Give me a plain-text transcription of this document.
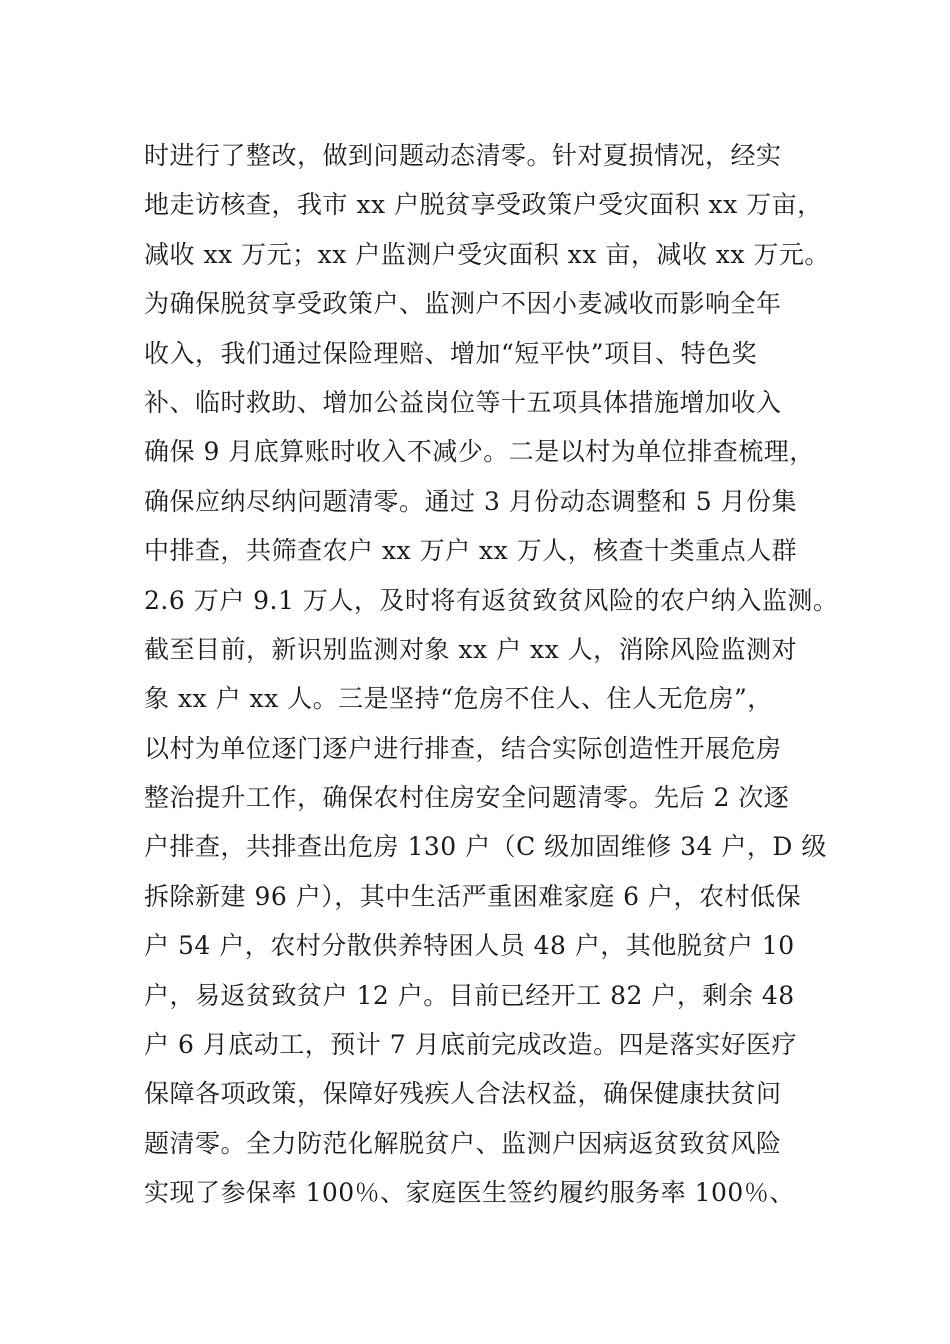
时进行了整改，做到问题动态清零。针对夏损情况，经实
地走访核查，我市 xx 户脱贫享受政策户受灾面积 xx 万亩，
减收 xx 万元；xx 户监测户受灾面积 xx 亩，减收 xx 万元。
为确保脱贫享受政策户、监测户不因小麦减收而影响全年
收入，我们通过保险理赔、增加“短平快”项目、特色奖
补、临时救助、增加公益岗位等十五项具体措施增加收入
确保 9 月底算账时收入不减少。二是以村为单位排查梳理，
确保应纳尽纳问题清零。通过 3 月份动态调整和 5 月份集
中排查，共筛查农户 xx 万户 xx 万人，核查十类重点人群
2.6 万户 9.1 万人，及时将有返贫致贫风险的农户纳入监测。
截至目前，新识别监测对象 xx 户 xx 人，消除风险监测对
象 xx 户 xx 人。三是坚持“危房不住人、住人无危房”，
以村为单位逐门逐户进行排查，结合实际创造性开展危房
整治提升工作，确保农村住房安全问题清零。先后 2 次逐
户排查，共排查出危房 130 户（C 级加固维修 34 户，D 级
拆除新建 96 户），其中生活严重困难家庭 6 户，农村低保
户 54 户，农村分散供养特困人员 48 户，其他脱贫户 10
户，易返贫致贫户 12 户。目前已经开工 82 户，剩余 48
户 6 月底动工，预计 7 月底前完成改造。四是落实好医疗
保障各项政策，保障好残疾人合法权益，确保健康扶贫问
题清零。全力防范化解脱贫户、监测户因病返贫致贫风险
实现了参保率 100％、家庭医生签约履约服务率 100％、
